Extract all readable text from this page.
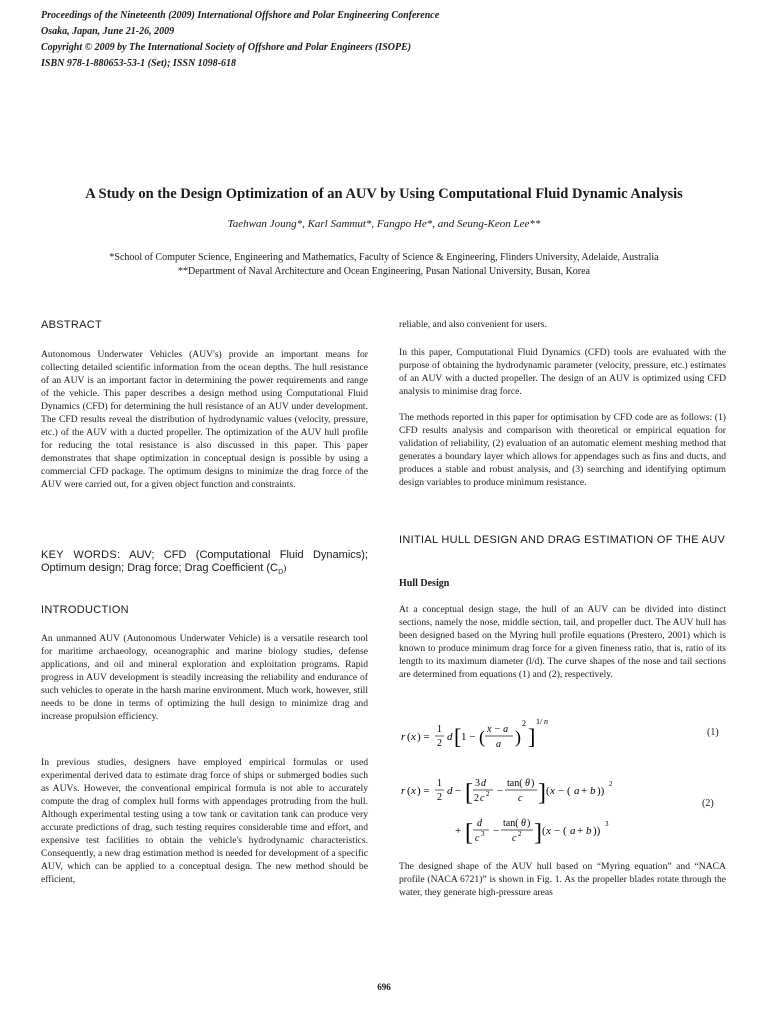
Proceedings of the Nineteenth (2009) International Offshore and Polar Engineering Conference
Osaka, Japan, June 21-26, 2009
Copyright © 2009 by The International Society of Offshore and Polar Engineers (ISOPE)
ISBN 978-1-880653-53-1 (Set); ISSN 1098-618
A Study on the Design Optimization of an AUV by Using Computational Fluid Dynamic Analysis
Taehwan Joung*, Karl Sammut*, Fangpo He*, and Seung-Keon Lee**
*School of Computer Science, Engineering and Mathematics, Faculty of Science & Engineering, Flinders University, Adelaide, Australia
**Department of Naval Architecture and Ocean Engineering, Pusan National University, Busan, Korea
ABSTRACT
Autonomous Underwater Vehicles (AUV's) provide an important means for collecting detailed scientific information from the ocean depths. The hull resistance of an AUV is an important factor in determining the power requirements and range of the vehicle. This paper describes a design method using Computational Fluid Dynamics (CFD) for determining the hull resistance of an AUV under development. The CFD results reveal the distribution of hydrodynamic values (velocity, pressure, etc.) of the AUV with a ducted propeller. The optimization of the AUV hull profile for reducing the total resistance is also discussed in this paper. This paper demonstrates that shape optimization in conceptual design is possible by using a commercial CFD package. The optimum designs to minimize the drag force of the AUV were carried out, for a given object function and constraints.
KEY WORDS: AUV; CFD (Computational Fluid Dynamics); Optimum design; Drag force; Drag Coefficient $(C_D)$
INTRODUCTION
An unmanned AUV (Autonomous Underwater Vehicle) is a versatile research tool for maritime archaeology, oceanographic and marine biology studies, defense applications, and oil and mineral exploration and exploitation programs. Rapid progress in AUV development is steadily increasing the reliability and endurance of such vehicles to operate in the harsh marine environment. Much work, however, still needs to be done in terms of optimizing the hull design to minimize drag and increase propulsion efficiency.
In previous studies, designers have employed empirical formulas or used experimental derived data to estimate drag force of ships or submerged bodies such as AUVs. However, the conventional empirical formula is not able to accurately compute the drag of complex hull forms with appendages protruding from the hull. Although experimental testing using a tow tank or cavitation tank can produce very accurate predictions of drag, such testing requires considerable time and effort, and expensive test facilities to obtain the vehicle's hydrodynamic characteristics. Consequently, a new drag estimation method is needed for development of a specific AUV, which can be applied to a conceptual design. The new method should be efficient,
reliable, and also convenient for users.
In this paper, Computational Fluid Dynamics (CFD) tools are evaluated with the purpose of obtaining the hydrodynamic parameter (velocity, pressure, etc.) estimates of an AUV with a ducted propeller. The design of an AUV is optimized using CFD analysis to minimise drag force.
The methods reported in this paper for optimisation by CFD code are as follows: (1) CFD results analysis and comparison with theoretical or empirical equation for validation of reliability, (2) evaluation of an automatic element meshing method that generates a boundary layer which allows for appendages such as fins and ducts, and produces a stable and robust analysis, and (3) searching and identifying optimum design variables to produce minimum resistance.
INITIAL HULL DESIGN AND DRAG ESTIMATION OF THE AUV
Hull Design
At a conceptual design stage, the hull of an AUV can be divided into distinct sections, namely the nose, middle section, tail, and propeller duct. The AUV hull has been designed based on the Myring hull profile equations (Prestero, 2001) which is known to produce minimum drag force for a given fineness ratio, that is, ratio of its length to its maximum diameter (l/d). The curve shapes of the nose and tail sections are determined from equations (1) and (2), respectively.
r ( x ) =
1
2
d [ 1 − ( x − a
a )
2
]
1/ n
(1)
r ( x ) =
1
2
d − [ 3 d
2 c 2 −
tan( θ )
c ] ( x − ( a + b ))
2
+ [ d
c 3 −
tan( θ )
c 2 ] ( x − ( a + b ))
3
(2)
The designed shape of the AUV hull based on “Myring equation” and “NACA profile (NACA 6721)” is shown in Fig. 1. As the propeller blades rotate through the water, they generate high-pressure areas
696
